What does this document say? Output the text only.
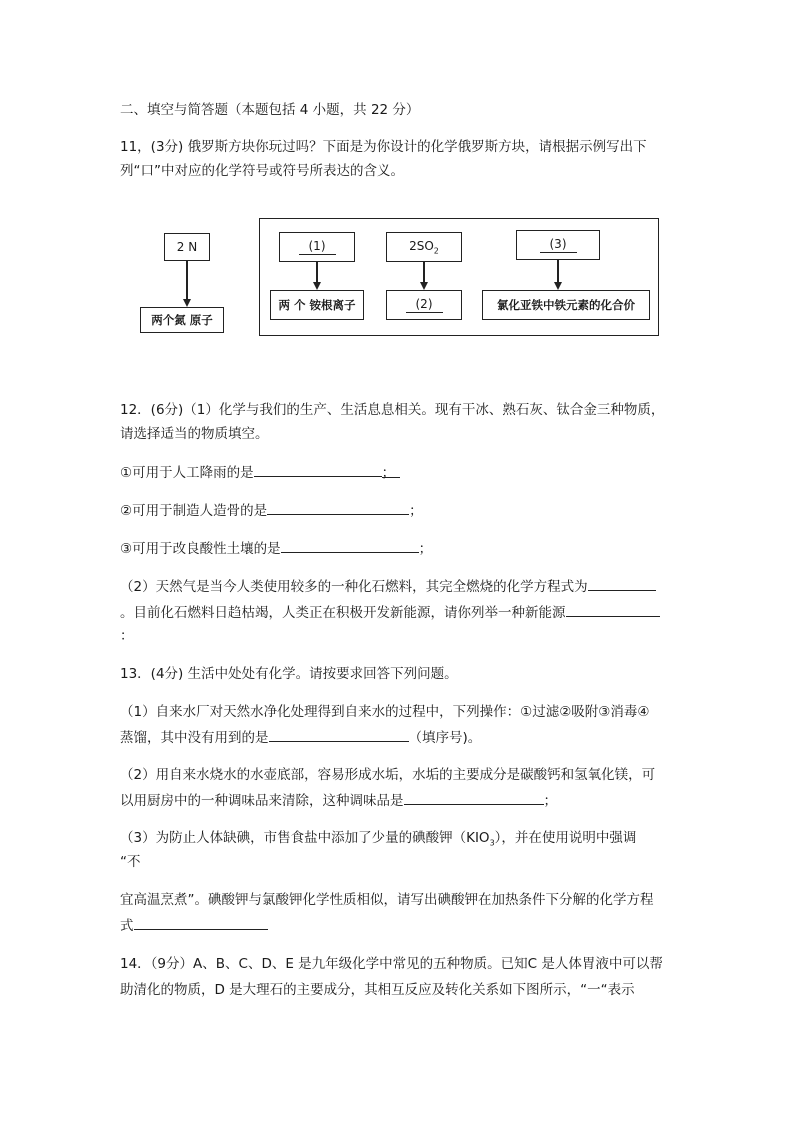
二、填空与简答题（本题包括 4 小题，共 22 分）
11，(3分) 俄罗斯方块你玩过吗？下面是为你设计的化学俄罗斯方块，请根据示例写出下
列“口”中对应的化学符号或符号所表达的含义。
2 N
两个氮 原子
(1)
两 个 铵根离子
$2SO_2$
(2)
(3)
氯化亚铁中铁元素的化合价
12．(6分)（1）化学与我们的生产、生活息息相关。现有干冰、熟石灰、钛合金三种物质，
请选择适当的物质填空。
①可用于人工降雨的是	；
②可用于制造人造骨的是	；
③可用于改良酸性土壤的是	；
（2）天然气是当今人类使用较多的一种化石燃料，其完全燃烧的化学方程式为
。目前化石燃料日趋枯竭，人类正在积极开发新能源，请你列举一种新能源
：
13．(4分) 生活中处处有化学。请按要求回答下列问题。
（1）自来水厂对天然水净化处理得到自来水的过程中，下列操作：①过滤②吸附③消毒④
蒸馏，其中没有用到的是	（填序号)。
（2）用自来水烧水的水壶底部，容易形成水垢，水垢的主要成分是碳酸钙和氢氧化镁，可
以用厨房中的一种调味品来清除，这种调味品是	；
（3）为防止人体缺碘，市售食盐中添加了少量的碘酸钾$(KIO_3)$，并在使用说明中强调
“不
宜高温烹煮”。碘酸钾与氯酸钾化学性质相似，请写出碘酸钾在加热条件下分解的化学方程
式
14．（9分）A、B、C、D、E 是九年级化学中常见的五种物质。已知C 是人体胃液中可以帮
助清化的物质，D 是大理石的主要成分，其相互反应及转化关系如下图所示，“一“表示
